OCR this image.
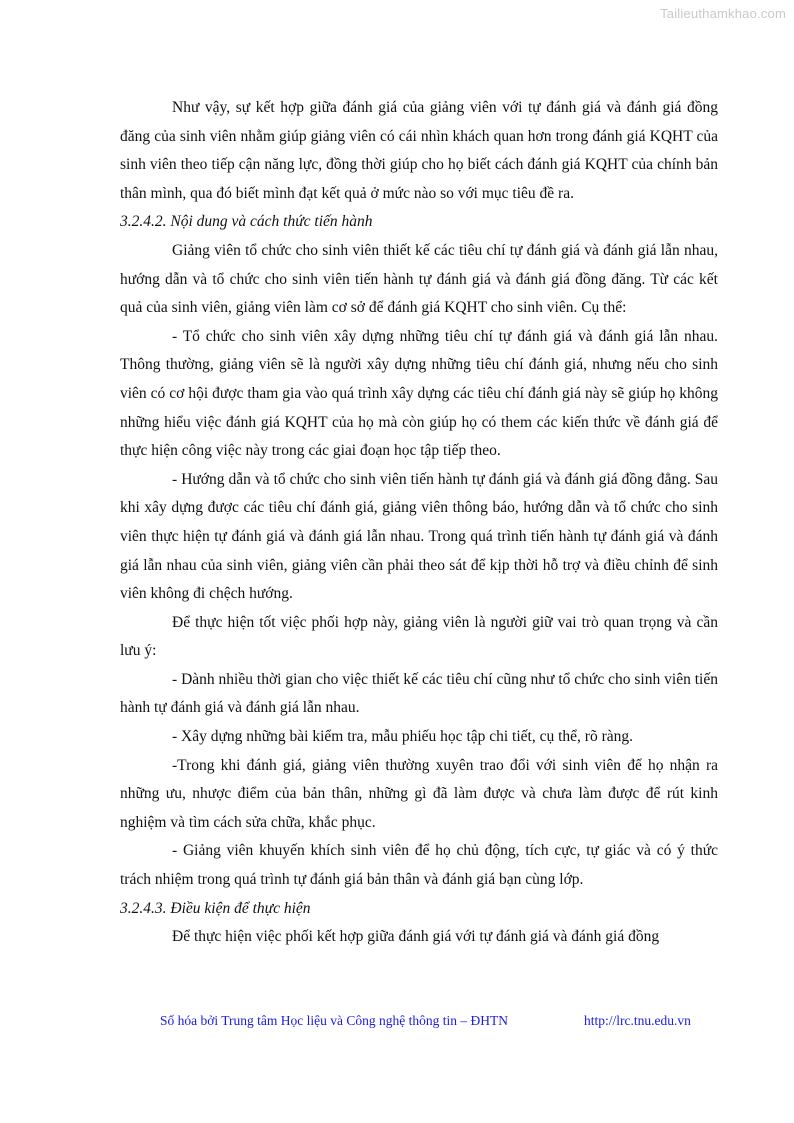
Tailieuthamkhao.com

Như vậy, sự kết hợp giữa đánh giá của giảng viên với tự đánh giá và đánh giá đồng đăng của sinh viên nhằm giúp giảng viên có cái nhìn khách quan hơn trong đánh giá KQHT của sinh viên theo tiếp cận năng lực, đồng thời giúp cho họ biết cách đánh giá KQHT của chính bản thân mình, qua đó biết mình đạt kết quả ở mức nào so với mục tiêu đề ra.

3.2.4.2. Nội dung và cách thức tiến hành

Giảng viên tổ chức cho sinh viên thiết kế các tiêu chí tự đánh giá và đánh giá lẫn nhau, hướng dẫn và tổ chức cho sinh viên tiến hành tự đánh giá và đánh giá đồng đăng. Từ các kết quả của sinh viên, giảng viên làm cơ sở để đánh giá KQHT cho sinh viên. Cụ thể:

- Tổ chức cho sinh viên xây dựng những tiêu chí tự đánh giá và đánh giá lẫn nhau. Thông thường, giảng viên sẽ là người xây dựng những tiêu chí đánh giá, nhưng nếu cho sinh viên có cơ hội được tham gia vào quá trình xây dựng các tiêu chí đánh giá này sẽ giúp họ không những hiểu việc đánh giá KQHT của họ mà còn giúp họ có them các kiến thức về đánh giá để thực hiện công việc này trong các giai đoạn học tập tiếp theo.

- Hướng dẫn và tổ chức cho sinh viên tiến hành tự đánh giá và đánh giá đồng đẳng. Sau khi xây dựng được các tiêu chí đánh giá, giảng viên thông báo, hướng dẫn và tổ chức cho sinh viên thực hiện tự đánh giá và đánh giá lẫn nhau. Trong quá trình tiến hành tự đánh giá và đánh giá lẫn nhau của sinh viên, giảng viên cần phải theo sát để kịp thời hỗ trợ và điều chỉnh để sinh viên không đi chệch hướng.

Để thực hiện tốt việc phối hợp này, giảng viên là người giữ vai trò quan trọng và cần lưu ý:

- Dành nhiều thời gian cho việc thiết kế các tiêu chí cũng như tổ chức cho sinh viên tiến hành tự đánh giá và đánh giá lẫn nhau.

- Xây dựng những bài kiểm tra, mẫu phiếu học tập chi tiết, cụ thể, rõ ràng.

-Trong khi đánh giá, giảng viên thường xuyên trao đổi với sinh viên để họ nhận ra những ưu, nhược điểm của bản thân, những gì đã làm được và chưa làm được để rút kinh nghiệm và tìm cách sửa chữa, khắc phục.

- Giảng viên khuyến khích sinh viên để họ chủ động, tích cực, tự giác và có ý thức trách nhiệm trong quá trình tự đánh giá bản thân và đánh giá bạn cùng lớp.

3.2.4.3. Điều kiện để thực hiện

Để thực hiện việc phối kết hợp giữa đánh giá với tự đánh giá và đánh giá đồng

Số hóa bởi Trung tâm Học liệu và Công nghệ thông tin – ĐHTN	http://lrc.tnu.edu.vn
